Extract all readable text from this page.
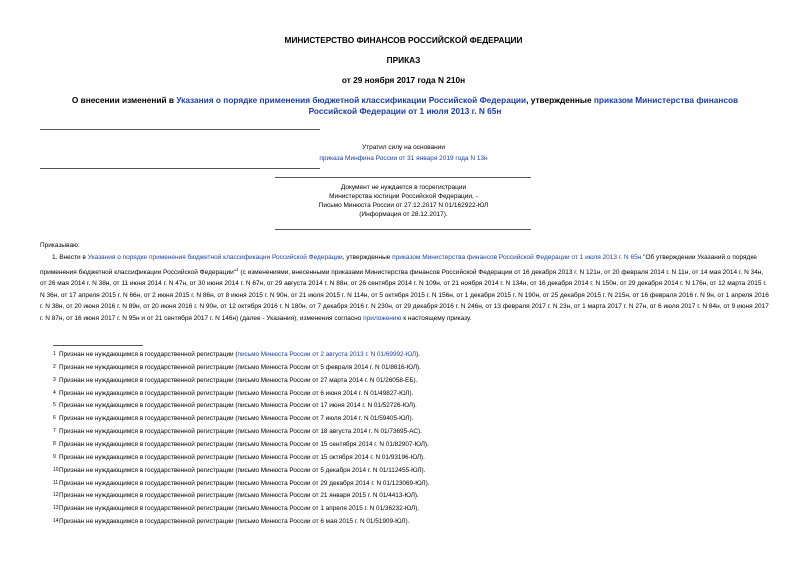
МИНИСТЕРСТВО ФИНАНСОВ РОССИЙСКОЙ ФЕДЕРАЦИИ
ПРИКАЗ
от 29 ноября 2017 года N 210н
О внесении изменений в Указания о порядке применения бюджетной классификации Российской Федерации, утвержденные приказом Министерства финансов Российской Федерации от 1 июля 2013 г. N 65н
Утратил силу на основании
приказа Минфина России от 31 января 2019 года N 13н
Документ не нуждается в госрегистрации
Министерства юстиции Российской Федерации, -
Письмо Минюста России от 27.12.2017 N 01/162922-ЮЛ
(Информация от 28.12.2017).
Приказываю:
1. Внести в Указания о порядке применения бюджетной классификации Российской Федерации, утвержденные приказом Министерства финансов Российской Федерации от 1 июля 2013 г. N 65н "Об утверждении Указаний о порядке применения бюджетной классификации Российской Федерации"$^1$ (с изменениями, внесенными приказами Министерства финансов Российской Федерации от 16 декабря 2013 г. N 121н, от 20 февраля 2014 г. N 11н, от 14 мая 2014 г. N 34н, от 26 мая 2014 г. N 38н, от 11 июня 2014 г. N 47н, от 30 июня 2014 г. N 67н, от 29 августа 2014 г. N 88н, от 26 сентября 2014 г. N 109н, от 21 ноября 2014 г. N 134н, от 16 декабря 2014 г. N 150н, от 29 декабря 2014 г. N 176н, от 12 марта 2015 г. N 36н, от 17 апреля 2015 г. N 66н, от 2 июня 2015 г. N 86н, от 8 июня 2015 г. N 90н, от 21 июля 2015 г. N 114н, от 5 октября 2015 г. N 156н, от 1 декабря 2015 г. N 190н, от 25 декабря 2015 г. N 215н, от 16 февраля 2016 г. N 9н, от 1 апреля 2016 г. N 38н, от 20 июня 2016 г. N 89н, от 20 июня 2016 г. N 90н, от 12 октября 2016 г. N 180н, от 7 декабря 2016 г. N 230н, от 29 декабря 2016 г. N 246н, от 13 февраля 2017 г. N 23н, от 1 марта 2017 г. N 27н, от 6 июля 2017 г. N 84н, от 9 июня 2017 г. N 87н, от 16 июня 2017 г. N 95н и от 21 сентября 2017 г. N 146н) (далее - Указания), изменения согласно приложению к настоящему приказу.
1 Признан не нуждающимся в государственной регистрации (письмо Минюста России от 2 августа 2013 г. N 01/69992-ЮЛ).
2 Признан не нуждающимся в государственной регистрации (письмо Минюста России от 5 февраля 2014 г. N 01/8616-ЮЛ).
3 Признан не нуждающимся в государственной регистрации (письмо Минюста России от 27 марта 2014 г. N 01/26058-ЕБ).
4 Признан не нуждающимся в государственной регистрации (письмо Минюста России от 6 июня 2014 г. N 01/49827-ЮЛ).
5 Признан не нуждающимся в государственной регистрации (письмо Минюста России от 17 июня 2014 г. N 01/52726-ЮЛ).
6 Признан не нуждающимся в государственной регистрации (письмо Минюста России от 7 июля 2014 г. N 01/59405-ЮЛ).
7 Признан не нуждающимся в государственной регистрации (письмо Минюста России от 18 августа 2014 г. N 01/73695-АС).
8 Признан не нуждающимся в государственной регистрации (письмо Минюста России от 15 сентября 2014 г. N 01/82907-ЮЛ).
9 Признан не нуждающимся в государственной регистрации (письмо Минюста России от 15 октября 2014 г. N 01/93196-ЮЛ).
10Признан не нуждающимся в государственной регистрации (письмо Минюста России от 5 декабря 2014 г. N 01/112455-ЮЛ).
11Признан не нуждающимся в государственной регистрации (письмо Минюста России от 29 декабря 2014 г. N 01/123069-ЮЛ).
12Признан не нуждающимся в государственной регистрации (письмо Минюста России от 21 января 2015 г. N 01/4413-ЮЛ).
13Признан не нуждающимся в государственной регистрации (письмо Минюста России от 1 апреля 2015 г. N 01/36232-ЮЛ).
14Признан не нуждающимся в государственной регистрации (письмо Минюста России от 6 мая 2015 г. N 01/51909-ЮЛ).
